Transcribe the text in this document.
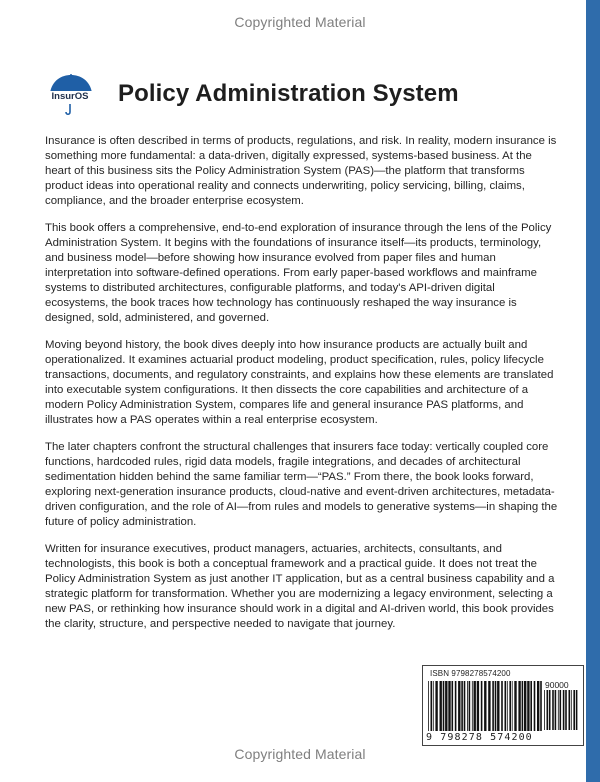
Copyrighted Material
InsurOS	Policy Administration System

Insurance is often described in terms of products, regulations, and risk. In reality, modern insurance is something more fundamental: a data-driven, digitally expressed, systems-based business. At the heart of this business sits the Policy Administration System (PAS)—the platform that transforms product ideas into operational reality and connects underwriting, policy servicing, billing, claims, compliance, and the broader enterprise ecosystem.

This book offers a comprehensive, end-to-end exploration of insurance through the lens of the Policy Administration System. It begins with the foundations of insurance itself—its products, terminology, and business model—before showing how insurance evolved from paper files and human interpretation into software-defined operations. From early paper-based workflows and mainframe systems to distributed architectures, configurable platforms, and today's API-driven digital ecosystems, the book traces how technology has continuously reshaped the way insurance is designed, sold, administered, and governed.

Moving beyond history, the book dives deeply into how insurance products are actually built and operationalized. It examines actuarial product modeling, product specification, rules, policy lifecycle transactions, documents, and regulatory constraints, and explains how these elements are translated into executable system configurations. It then dissects the core capabilities and architecture of a modern Policy Administration System, compares life and general insurance PAS platforms, and illustrates how a PAS operates within a real enterprise ecosystem.

The later chapters confront the structural challenges that insurers face today: vertically coupled core functions, hardcoded rules, rigid data models, fragile integrations, and decades of architectural sedimentation hidden behind the same familiar term—“PAS.” From there, the book looks forward, exploring next-generation insurance products, cloud-native and event-driven architectures, metadata-driven configuration, and the role of AI—from rules and models to generative systems—in shaping the future of policy administration.

Written for insurance executives, product managers, actuaries, architects, consultants, and technologists, this book is both a conceptual framework and a practical guide. It does not treat the Policy Administration System as just another IT application, but as a central business capability and a strategic platform for transformation. Whether you are modernizing a legacy environment, selecting a new PAS, or rethinking how insurance should work in a digital and AI-driven world, this book provides the clarity, structure, and perspective needed to navigate that journey.

ISBN 9798278574200
90000
9 798278 574200
Copyrighted Material
